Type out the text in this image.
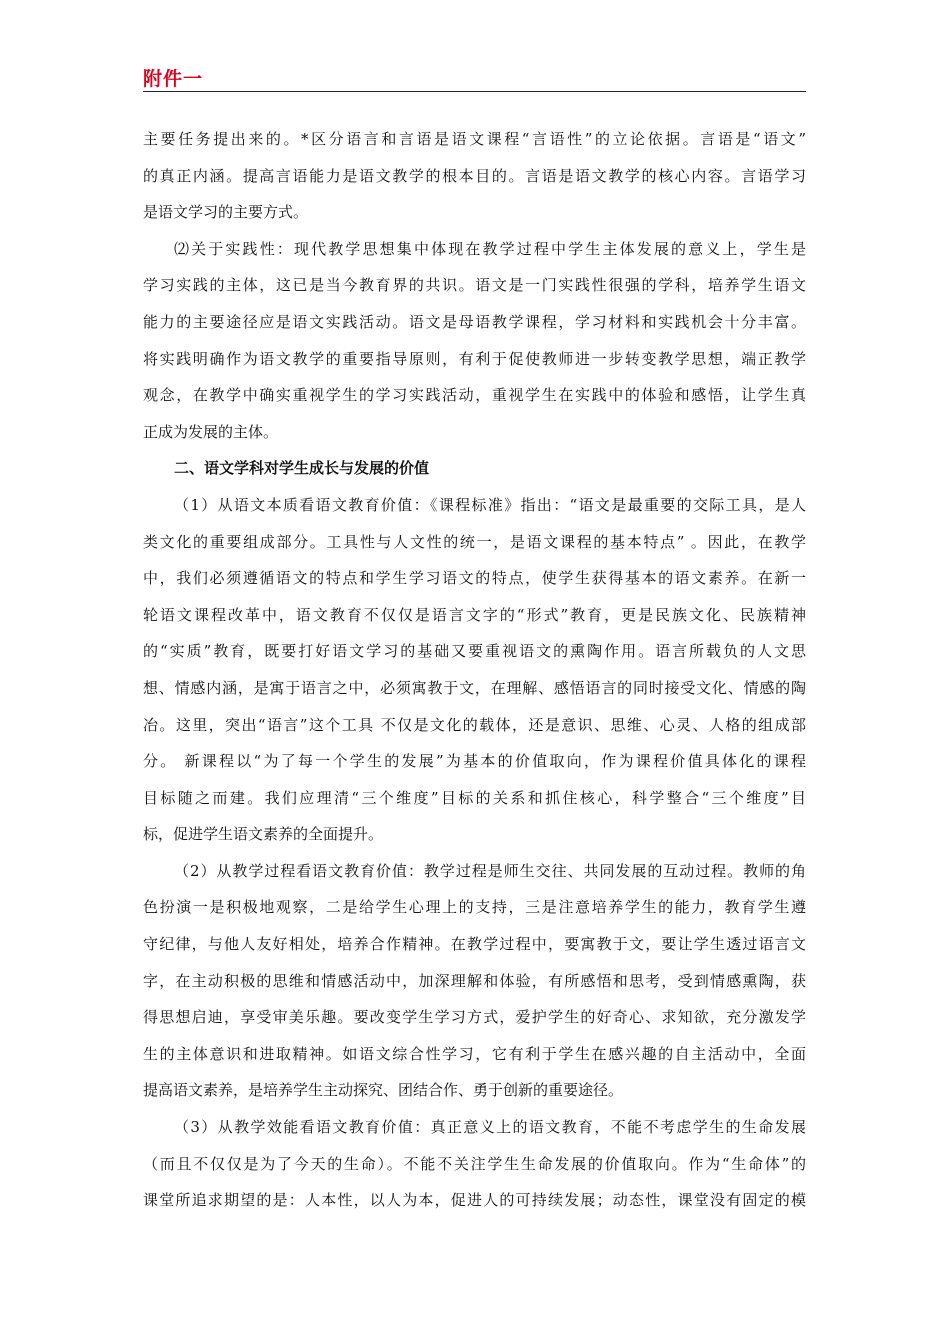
附件一
主要任务提出来的。*区分语言和言语是语文课程“言语性”的立论依据。言语是“语文”
的真正内涵。提高言语能力是语文教学的根本目的。言语是语文教学的核心内容。言语学习
是语文学习的主要方式。
⑵关于实践性：现代教学思想集中体现在教学过程中学生主体发展的意义上，学生是
学习实践的主体，这已是当今教育界的共识。语文是一门实践性很强的学科，培养学生语文
能力的主要途径应是语文实践活动。语文是母语教学课程，学习材料和实践机会十分丰富。
将实践明确作为语文教学的重要指导原则，有利于促使教师进一步转变教学思想，端正教学
观念，在教学中确实重视学生的学习实践活动，重视学生在实践中的体验和感悟，让学生真
正成为发展的主体。
二、语文学科对学生成长与发展的价值
（1）从语文本质看语文教育价值：《课程标准》指出：“语文是最重要的交际工具，是人
类文化的重要组成部分。工具性与人文性的统一，是语文课程的基本特点” 。因此，在教学
中，我们必须遵循语文的特点和学生学习语文的特点，使学生获得基本的语文素养。在新一
轮语文课程改革中，语文教育不仅仅是语言文字的“形式”教育，更是民族文化、民族精神
的“实质”教育，既要打好语文学习的基础又要重视语文的熏陶作用。语言所载负的人文思
想、情感内涵，是寓于语言之中，必须寓教于文，在理解、感悟语言的同时接受文化、情感的陶
冶。这里，突出“语言”这个工具 不仅是文化的载体，还是意识、思维、心灵、人格的组成部
分。 新课程以“为了每一个学生的发展”为基本的价值取向，作为课程价值具体化的课程
目标随之而建。我们应理清“三个维度”目标的关系和抓住核心，科学整合“三个维度”目
标，促进学生语文素养的全面提升。
（2）从教学过程看语文教育价值：教学过程是师生交往、共同发展的互动过程。教师的角
色扮演一是积极地观察，二是给学生心理上的支持，三是注意培养学生的能力，教育学生遵
守纪律，与他人友好相处，培养合作精神。在教学过程中，要寓教于文，要让学生透过语言文
字，在主动积极的思维和情感活动中，加深理解和体验，有所感悟和思考，受到情感熏陶，获
得思想启迪，享受审美乐趣。要改变学生学习方式，爱护学生的好奇心、求知欲，充分激发学
生的主体意识和进取精神。如语文综合性学习，它有利于学生在感兴趣的自主活动中，全面
提高语文素养，是培养学生主动探究、团结合作、勇于创新的重要途径。
（3）从教学效能看语文教育价值：真正意义上的语文教育，不能不考虑学生的生命发展
（而且不仅仅是为了今天的生命）。不能不关注学生生命发展的价值取向。作为“生命体”的
课堂所追求期望的是：人本性，以人为本，促进人的可持续发展；动态性，课堂没有固定的模
